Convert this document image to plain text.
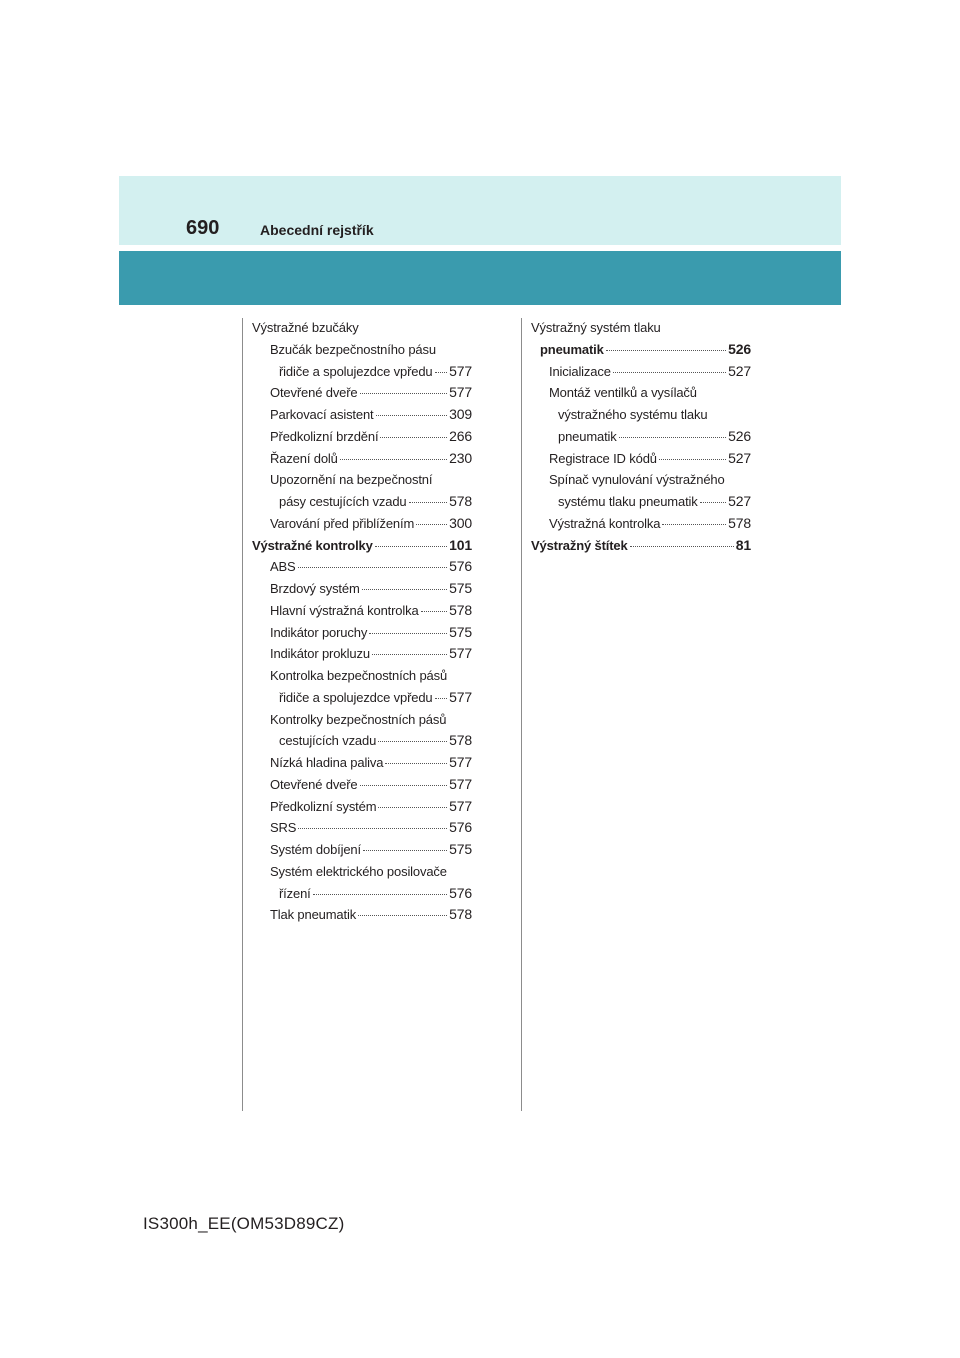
690	Abecední rejstřík
Výstražné bzučáky
Bzučák bezpečnostního pásu
řidiče a spolujezdce vpředu 577
Otevřené dveře	577
Parkovací asistent	309
Předkolizní brzdění	266
Řazení dolů	230
Upozornění na bezpečnostní
pásy cestujících vzadu	578
Varování před přiblížením 300
Výstražné kontrolky	101
ABS	576
Brzdový systém	575
Hlavní výstražná kontrolka 578
Indikátor poruchy	575
Indikátor prokluzu	577
Kontrolka bezpečnostních pásů
řidiče a spolujezdce vpředu 577
Kontrolky bezpečnostních pásů
cestujících vzadu	578
Nízká hladina paliva	577
Otevřené dveře	577
Předkolizní systém	577
SRS	576
Systém dobíjení	575
Systém elektrického posilovače
řízení	576
Tlak pneumatik	578
Výstražný systém tlaku
pneumatik	526
Inicializace	527
Montáž ventilků a vysílačů
výstražného systému tlaku
pneumatik	526
Registrace ID kódů	527
Spínač vynulování výstražného
systému tlaku pneumatik 527
Výstražná kontrolka	578
Výstražný štítek	81
IS300h_EE(OM53D89CZ)
